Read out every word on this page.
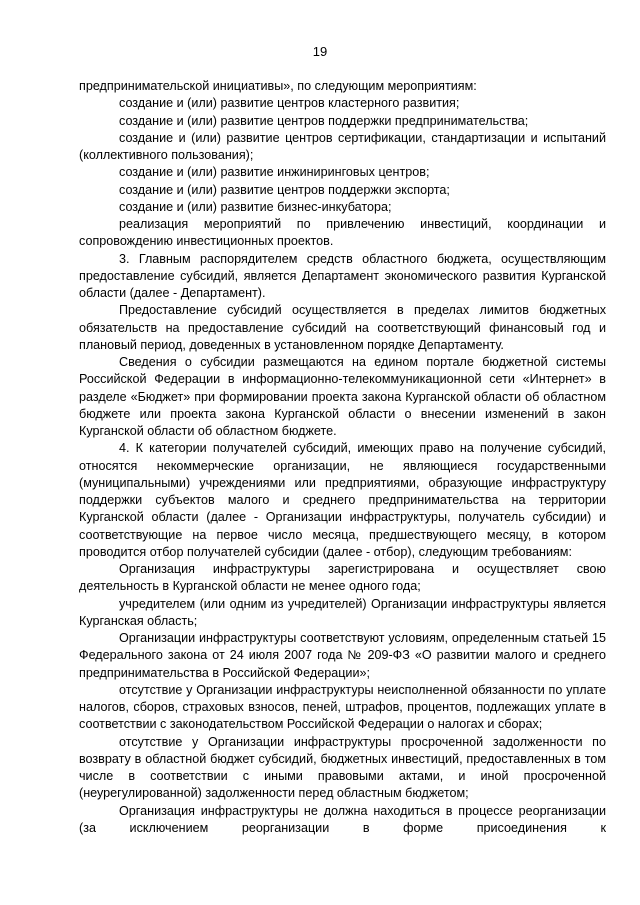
19

предпринимательской инициативы», по следующим мероприятиям:

создание и (или) развитие центров кластерного развития;

создание и (или) развитие центров поддержки предпринимательства;

создание и (или) развитие центров сертификации, стандартизации и испытаний (коллективного пользования);

создание и (или) развитие инжиниринговых центров;

создание и (или) развитие центров поддержки экспорта;

создание и (или) развитие бизнес-инкубатора;

реализация мероприятий по привлечению инвестиций, координации и сопровождению инвестиционных проектов.

3. Главным распорядителем средств областного бюджета, осуществляющим предоставление субсидий, является Департамент экономического развития Курганской области (далее - Департамент).

Предоставление субсидий осуществляется в пределах лимитов бюджетных обязательств на предоставление субсидий на соответствующий финансовый год и плановый период, доведенных в установленном порядке Департаменту.

Сведения о субсидии размещаются на едином портале бюджетной системы Российской Федерации в информационно-телекоммуникационной сети «Интернет» в разделе «Бюджет» при формировании проекта закона Курганской области об областном бюджете или проекта закона Курганской области о внесении изменений в закон Курганской области об областном бюджете.

4. К категории получателей субсидий, имеющих право на получение субсидий, относятся некоммерческие организации, не являющиеся государственными (муниципальными) учреждениями или предприятиями, образующие инфраструктуру поддержки субъектов малого и среднего предпринимательства на территории Курганской области (далее - Организации инфраструктуры, получатель субсидии) и соответствующие на первое число месяца, предшествующего месяцу, в котором проводится отбор получателей субсидии (далее - отбор), следующим требованиям:

Организация инфраструктуры зарегистрирована и осуществляет свою деятельность в Курганской области не менее одного года;

учредителем (или одним из учредителей) Организации инфраструктуры является Курганская область;

Организации инфраструктуры соответствуют условиям, определенным статьей 15 Федерального закона от 24 июля 2007 года № 209-ФЗ «О развитии малого и среднего предпринимательства в Российской Федерации»;

отсутствие у Организации инфраструктуры неисполненной обязанности по уплате налогов, сборов, страховых взносов, пеней, штрафов, процентов, подлежащих уплате в соответствии с законодательством Российской Федерации о налогах и сборах;

отсутствие у Организации инфраструктуры просроченной задолженности по возврату в областной бюджет субсидий, бюджетных инвестиций, предоставленных в том числе в соответствии с иными правовыми актами, и иной просроченной (неурегулированной) задолженности перед областным бюджетом;

Организация инфраструктуры не должна находиться в процессе реорганизации (за исключением реорганизации в форме присоединения к
